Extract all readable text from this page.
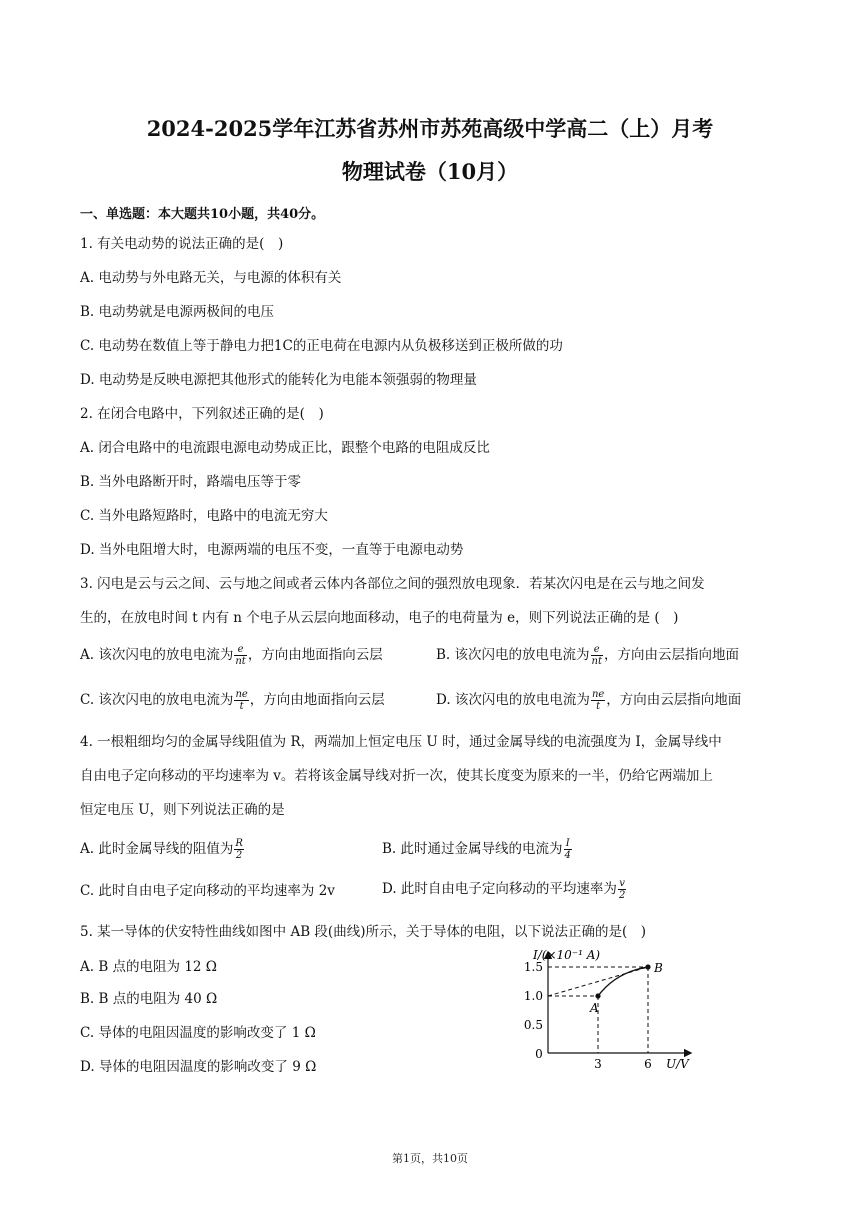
2024-2025学年江苏省苏州市苏苑高级中学高二（上）月考
物理试卷（10月）
一、单选题：本大题共10小题，共40分。
1. 有关电动势的说法正确的是(　)
A. 电动势与外电路无关，与电源的体积有关
B. 电动势就是电源两极间的电压
C. 电动势在数值上等于静电力把1C的正电荷在电源内从负极移送到正极所做的功
D. 电动势是反映电源把其他形式的能转化为电能本领强弱的物理量
2. 在闭合电路中，下列叙述正确的是(　)
A. 闭合电路中的电流跟电源电动势成正比，跟整个电路的电阻成反比
B. 当外电路断开时，路端电压等于零
C. 当外电路短路时，电路中的电流无穷大
D. 当外电阻增大时，电源两端的电压不变，一直等于电源电动势
3. 闪电是云与云之间、云与地之间或者云体内各部位之间的强烈放电现象．若某次闪电是在云与地之间发
生的，在放电时间 t 内有 n 个电子从云层向地面移动，电子的电荷量为 e，则下列说法正确的是 (　)
A. 该次闪电的放电电流为 $\frac{e}{nt}$ ，方向由地面指向云层	B. 该次闪电的放电电流为 $\frac{e}{nt}$ ，方向由云层指向地面
C. 该次闪电的放电电流为 $\frac{ne}{t}$ ，方向由地面指向云层	D. 该次闪电的放电电流为 $\frac{ne}{t}$ ，方向由云层指向地面
4. 一根粗细均匀的金属导线阻值为 R，两端加上恒定电压 U 时，通过金属导线的电流强度为 I，金属导线中
自由电子定向移动的平均速率为 v。若将该金属导线对折一次，使其长度变为原来的一半，仍给它两端加上
恒定电压 U，则下列说法正确的是
A. 此时金属导线的阻值为 $\frac{R}{2}$	B. 此时通过金属导线的电流为 $\frac{I}{4}$
C. 此时自由电子定向移动的平均速率为 2v	D. 此时自由电子定向移动的平均速率为 $\frac{v}{2}$
5. 某一导体的伏安特性曲线如图中 AB 段(曲线)所示，关于导体的电阻，以下说法正确的是(　)
A. B 点的电阻为 12 Ω
B. B 点的电阻为 40 Ω
C. 导体的电阻因温度的影响改变了 1 Ω
D. 导体的电阻因温度的影响改变了 9 Ω
I/(×10⁻¹ A)
U/V
0
1.5
1.0
0.5
3	6
A
B
第1页，共10页
